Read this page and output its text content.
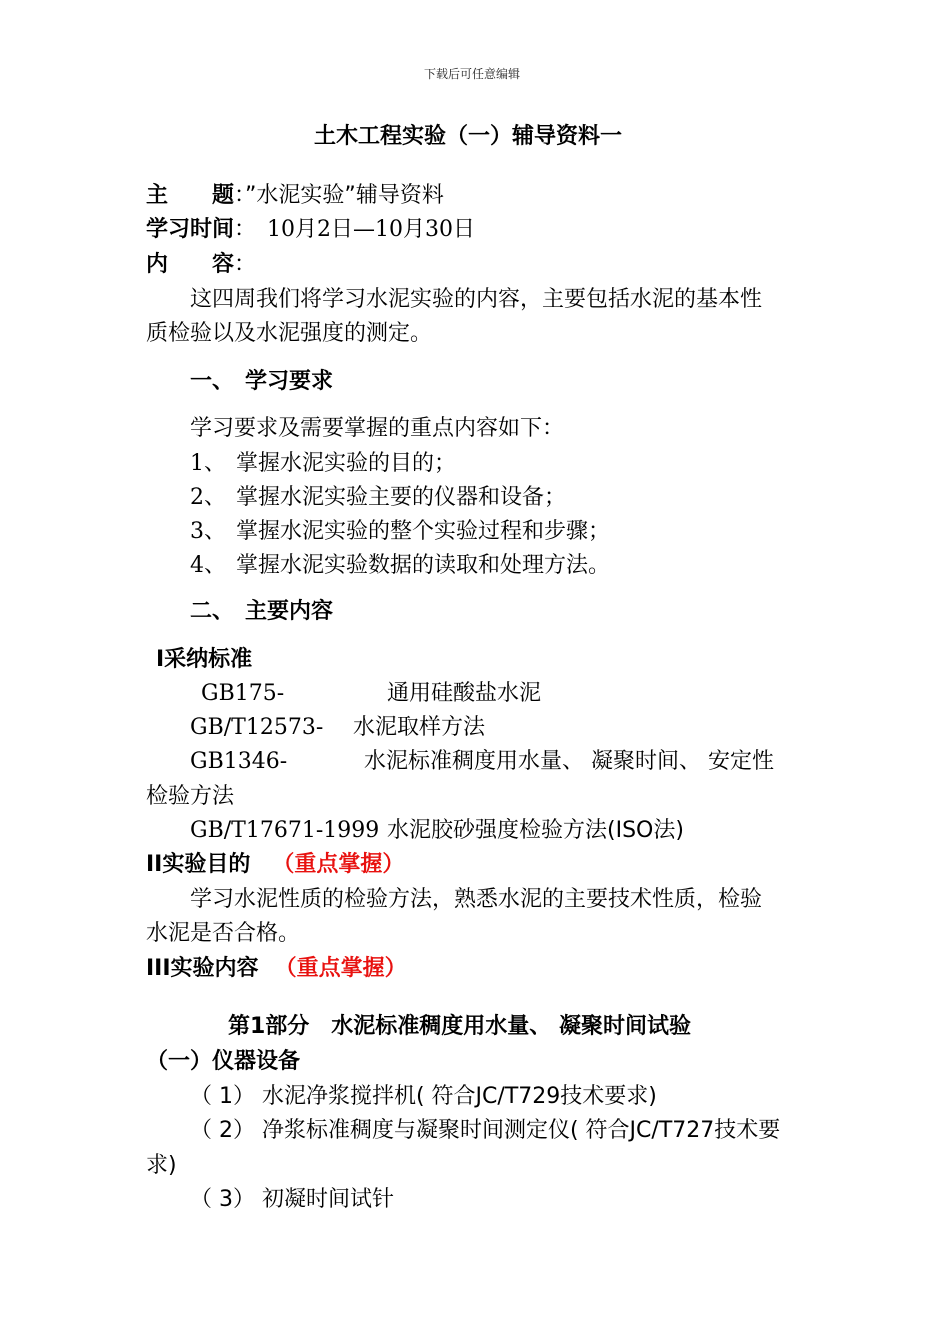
下载后可任意编辑
土木工程实验（一）辅导资料一
主　　题：”水泥实验”辅导资料
学习时间：　10月2日—10月30日
内　　容：
这四周我们将学习水泥实验的内容，主要包括水泥的基本性
质检验以及水泥强度的测定。
一、　 学习要求
学习要求及需要掌握的重点内容如下：
1、 掌握水泥实验的目的；
2、 掌握水泥实验主要的仪器和设备；
3、 掌握水泥实验的整个实验过程和步骤；
4、 掌握水泥实验数据的读取和处理方法。
二、　 主要内容
I采纳标准
GB175-	通用硅酸盐水泥
GB/T12573- 水泥取样方法
GB1346-	水泥标准稠度用水量、 凝聚时间、 安定性
检验方法
GB/T17671-1999 水泥胶砂强度检验方法(ISO法)
II实验目的 （重点掌握）
学习水泥性质的检验方法，熟悉水泥的主要技术性质，检验
水泥是否合格。
III实验内容 （重点掌握）
第1部分　水泥标准稠度用水量、 凝聚时间试验
（一）仪器设备
（ 1） 水泥净浆搅拌机( 符合JC/T729技术要求)
（ 2） 净浆标准稠度与凝聚时间测定仪( 符合JC/T727技术要
求)
（ 3） 初凝时间试针
